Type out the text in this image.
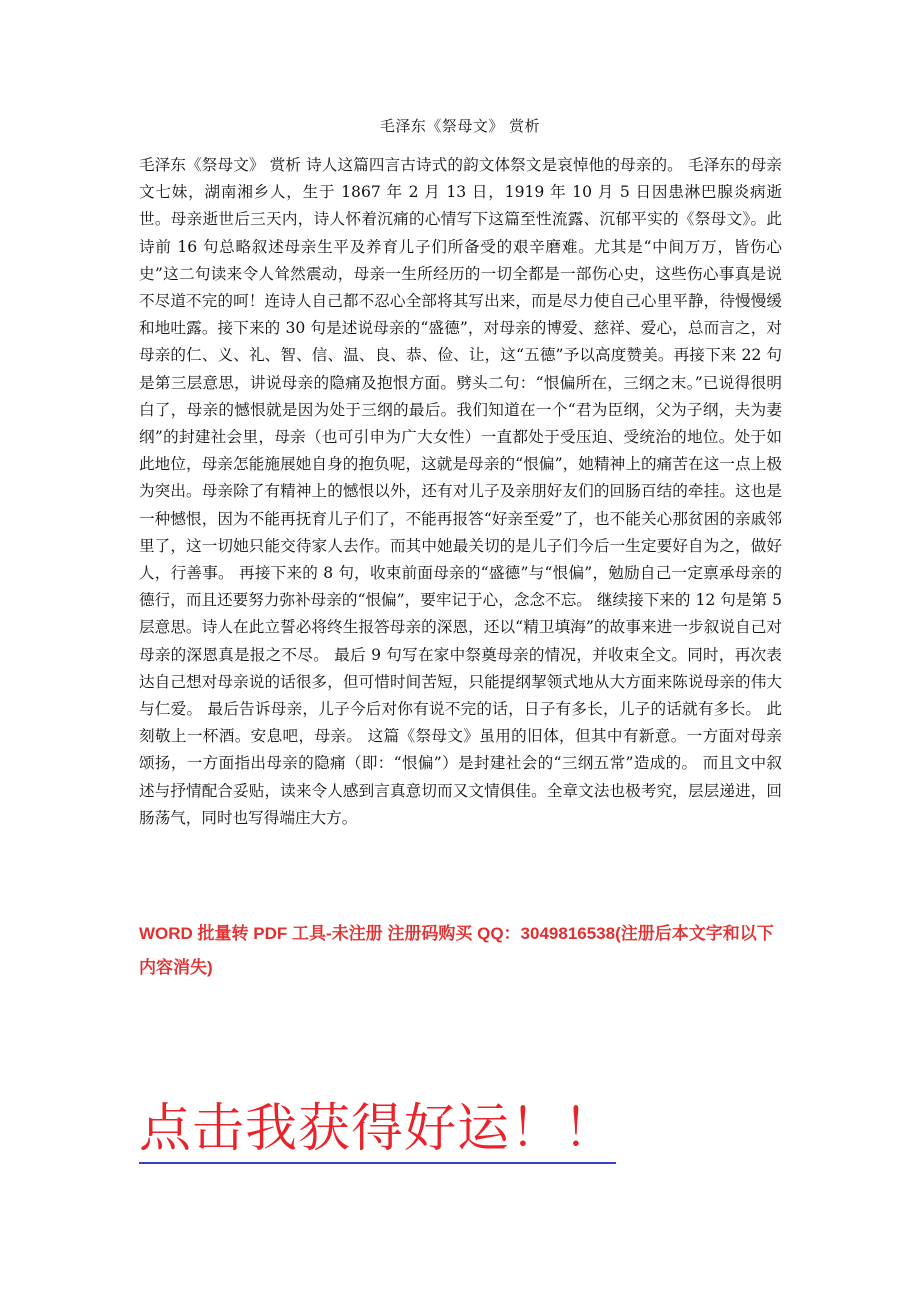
毛泽东《祭母文》 赏析

毛泽东《祭母文》 赏析 诗人这篇四言古诗式的韵文体祭文是哀悼他的母亲的。 毛泽东的母亲 文七妹，湖南湘乡人，生于 1867 年 2 月 13 日，1919 年 10 月 5 日因患淋巴腺炎病逝世。母亲逝世后三天内，诗人怀着沉痛的心情写下这篇至性流露、沉郁平实的《祭母文》。此诗前 16 句总略叙述母亲生平及养育儿子们所备受的艰辛磨难。尤其是“中间万万，皆伤心史”这二句读来令人耸然震动，母亲一生所经历的一切全都是一部伤心史，这些伤心事真是说不尽道不完的呵！连诗人自己都不忍心全部将其写出来，而是尽力使自己心里平静，待慢慢缓和地吐露。接下来的 30 句是述说母亲的“盛德”，对母亲的博爱、慈祥、爱心，总而言之，对母亲的仁、义、礼、智、信、温、良、恭、俭、让，这“五德”予以高度赞美。再接下来 22 句是第三层意思，讲说母亲的隐痛及抱恨方面。劈头二句：“恨偏所在，三纲之末。”已说得很明白了，母亲的憾恨就是因为处于三纲的最后。我们知道在一个“君为臣纲，父为子纲，夫为妻纲”的封建社会里，母亲（也可引申为广大女性）一直都处于受压迫、受统治的地位。处于如此地位，母亲怎能施展她自身的抱负呢，这就是母亲的“恨偏”，她精神上的痛苦在这一点上极为突出。母亲除了有精神上的憾恨以外，还有对儿子及亲朋好友们的回肠百结的牵挂。这也是一种憾恨，因为不能再抚育儿子们了，不能再报答“好亲至爱”了，也不能关心那贫困的亲戚邻里了，这一切她只能交待家人去作。而其中她最关切的是儿子们今后一生定要好自为之，做好人，行善事。 再接下来的 8 句，收束前面母亲的“盛德”与“恨偏”，勉励自己一定禀承母亲的德行，而且还要努力弥补母亲的“恨偏”，要牢记于心，念念不忘。 继续接下来的 12 句是第 5 层意思。诗人在此立誓必将终生报答母亲的深恩，还以“精卫填海”的故事来进一步叙说自己对母亲的深恩真是报之不尽。 最后 9 句写在家中祭奠母亲的情况，并收束全文。同时，再次表达自己想对母亲说的话很多，但可惜时间苦短，只能提纲挈领式地从大方面来陈说母亲的伟大与仁爱。 最后告诉母亲，儿子今后对你有说不完的话，日子有多长，儿子的话就有多长。 此刻敬上一杯酒。安息吧，母亲。 这篇《祭母文》虽用的旧体，但其中有新意。一方面对母亲颂扬，一方面指出母亲的隐痛（即：“恨偏”）是封建社会的“三纲五常”造成的。 而且文中叙述与抒情配合妥贴，读来令人感到言真意切而又文情俱佳。全章文法也极考究，层层递进，回肠荡气，同时也写得端庄大方。

WORD 批量转 PDF 工具-未注册 注册码购买 QQ：3049816538(注册后本文字和以下内容消失)

点击我获得好运！！
